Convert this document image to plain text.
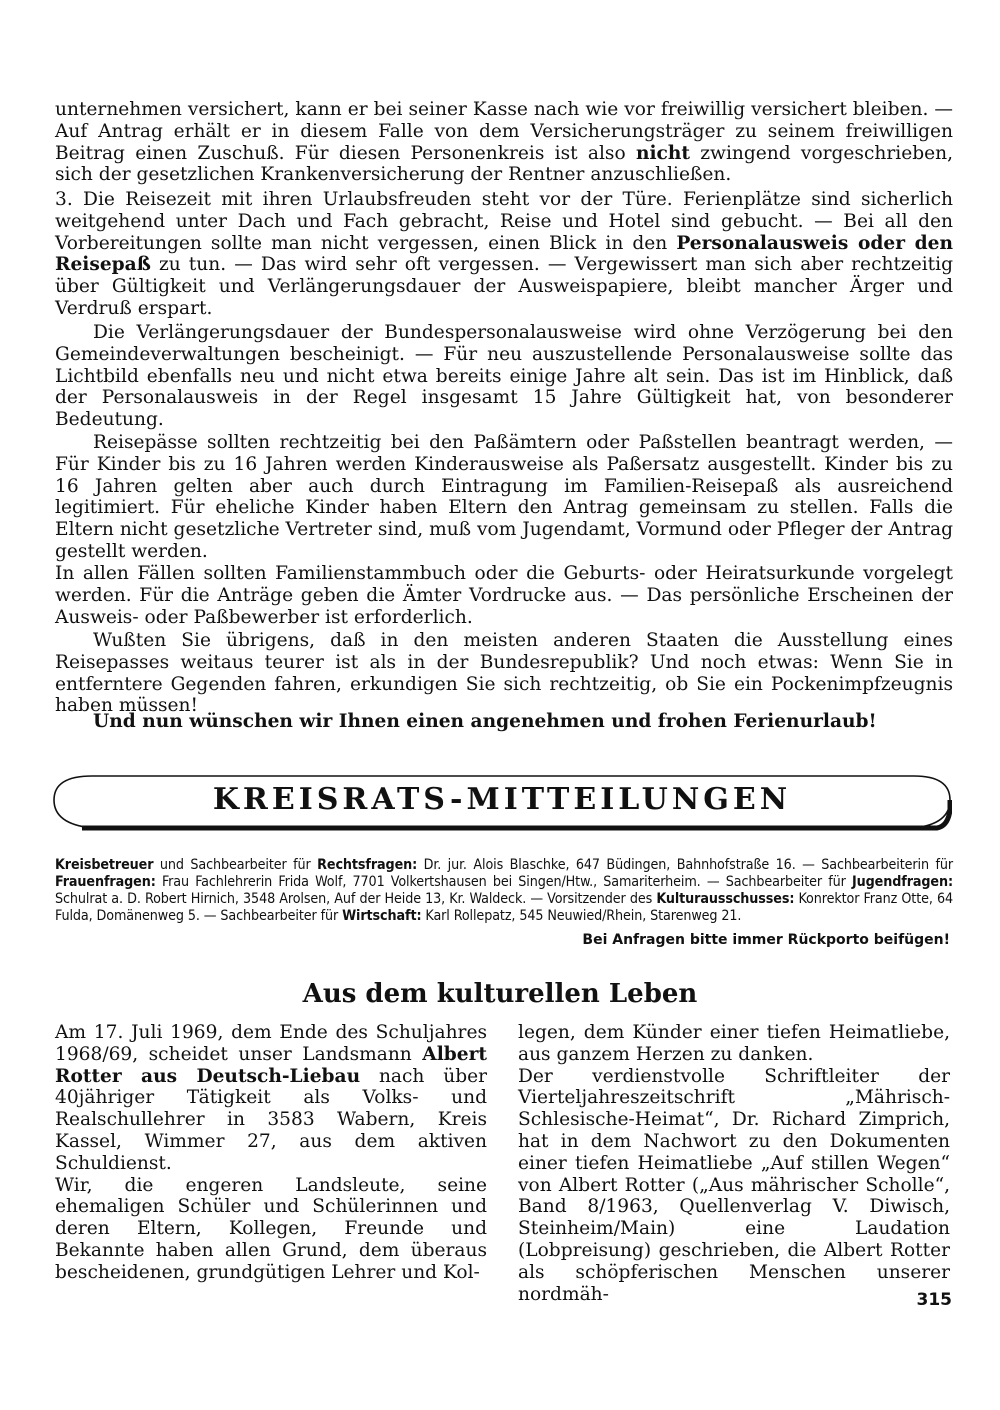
unternehmen versichert, kann er bei seiner Kasse nach wie vor freiwillig versichert bleiben. — Auf Antrag erhält er in diesem Falle von dem Versicherungsträger zu seinem freiwilligen Beitrag einen Zuschuß. Für diesen Personenkreis ist also nicht zwingend vorgeschrieben, sich der gesetzlichen Krankenversicherung der Rentner anzuschließen.

3. Die Reisezeit mit ihren Urlaubsfreuden steht vor der Türe. Ferienplätze sind sicherlich weitgehend unter Dach und Fach gebracht, Reise und Hotel sind gebucht. — Bei all den Vorbereitungen sollte man nicht vergessen, einen Blick in den Personalausweis oder den Reisepaß zu tun. — Das wird sehr oft vergessen. — Vergewissert man sich aber rechtzeitig über Gültigkeit und Verlängerungsdauer der Ausweispapiere, bleibt mancher Ärger und Verdruß erspart.

Die Verlängerungsdauer der Bundespersonalausweise wird ohne Verzögerung bei den Gemeindeverwaltungen bescheinigt. — Für neu auszustellende Personalausweise sollte das Lichtbild ebenfalls neu und nicht etwa bereits einige Jahre alt sein. Das ist im Hinblick, daß der Personalausweis in der Regel insgesamt 15 Jahre Gültigkeit hat, von besonderer Bedeutung.

Reisepässe sollten rechtzeitig bei den Paßämtern oder Paßstellen beantragt werden, — Für Kinder bis zu 16 Jahren werden Kinderausweise als Paßersatz ausgestellt. Kinder bis zu 16 Jahren gelten aber auch durch Eintragung im Familien-Reisepaß als ausreichend legitimiert. Für eheliche Kinder haben Eltern den Antrag gemeinsam zu stellen. Falls die Eltern nicht gesetzliche Vertreter sind, muß vom Jugendamt, Vormund oder Pfleger der Antrag gestellt werden.

In allen Fällen sollten Familienstammbuch oder die Geburts- oder Heiratsurkunde vorgelegt werden. Für die Anträge geben die Ämter Vordrucke aus. — Das persönliche Erscheinen der Ausweis- oder Paßbewerber ist erforderlich.

Wußten Sie übrigens, daß in den meisten anderen Staaten die Ausstellung eines Reisepasses weitaus teurer ist als in der Bundesrepublik? Und noch etwas: Wenn Sie in entferntere Gegenden fahren, erkundigen Sie sich rechtzeitig, ob Sie ein Pockenimpfzeugnis haben müssen!

Und nun wünschen wir Ihnen einen angenehmen und frohen Ferienurlaub!

KREISRATS-MITTEILUNGEN
Kreisbetreuer und Sachbearbeiter für Rechtsfragen: Dr. jur. Alois Blaschke, 647 Büdingen, Bahnhofstraße 16. — Sachbearbeiterin für Frauenfragen: Frau Fachlehrerin Frida Wolf, 7701 Volkertshausen bei Singen/Htw., Samariterheim. — Sachbearbeiter für Jugendfragen: Schulrat a. D. Robert Hirnich, 3548 Arolsen, Auf der Heide 13, Kr. Waldeck. — Vorsitzender des Kulturausschusses: Konrektor Franz Otte, 64 Fulda, Domänenweg 5. — Sachbearbeiter für Wirtschaft: Karl Rollepatz, 545 Neuwied/Rhein, Starenweg 21.
Bei Anfragen bitte immer Rückporto beifügen!
Aus dem kulturellen Leben
Am 17. Juli 1969, dem Ende des Schuljahres 1968/69, scheidet unser Landsmann Albert Rotter aus Deutsch-Liebau nach über 40jähriger Tätigkeit als Volks- und Realschullehrer in 3583 Wabern, Kreis Kassel, Wimmer 27, aus dem aktiven Schuldienst.
Wir, die engeren Landsleute, seine ehemaligen Schüler und Schülerinnen und deren Eltern, Kollegen, Freunde und Bekannte haben allen Grund, dem überaus bescheidenen, grundgütigen Lehrer und Kol-
legen, dem Künder einer tiefen Heimatliebe, aus ganzem Herzen zu danken.
Der verdienstvolle Schriftleiter der Vierteljahreszeitschrift „Mährisch-Schlesische-Heimat“, Dr. Richard Zimprich, hat in dem Nachwort zu den Dokumenten einer tiefen Heimatliebe „Auf stillen Wegen“ von Albert Rotter („Aus mährischer Scholle“, Band 8/1963, Quellenverlag V. Diwisch, Steinheim/Main) eine Laudation (Lobpreisung) geschrieben, die Albert Rotter als schöpferischen Menschen unserer nordmäh-	315
